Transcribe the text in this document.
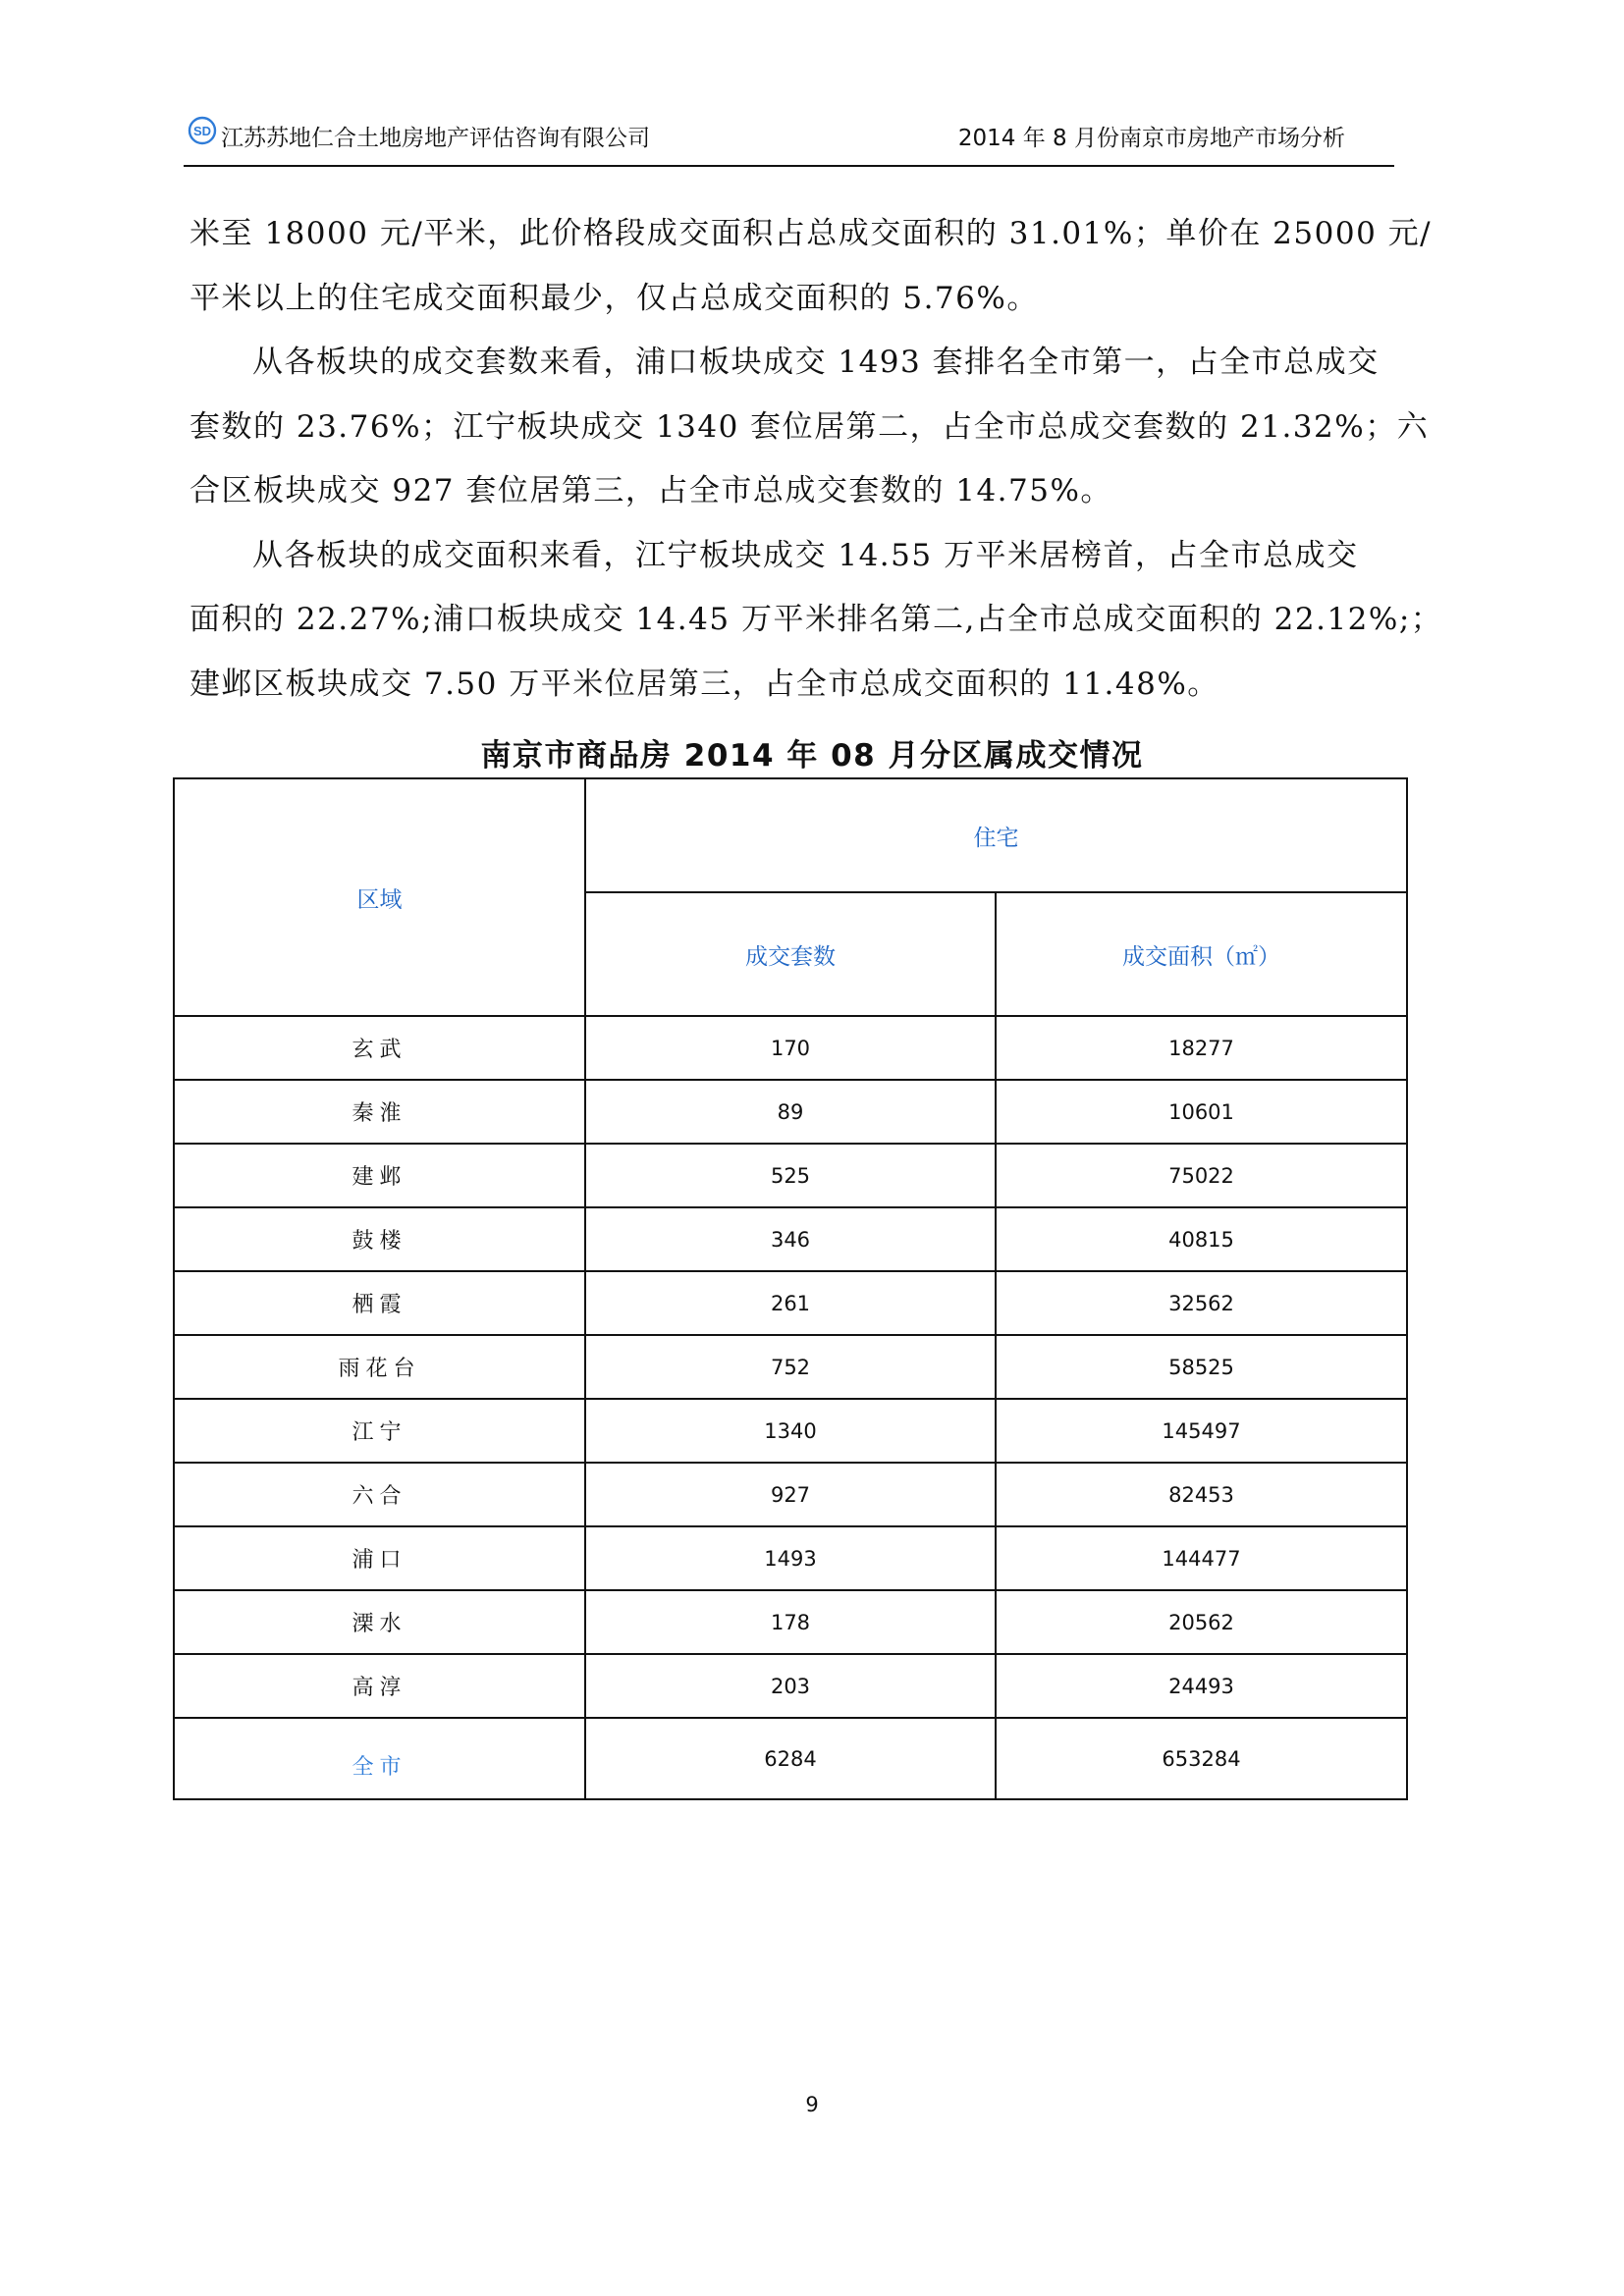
SD 江苏苏地仁合土地房地产评估咨询有限公司	2014 年 8 月份南京市房地产市场分析

米至 18000 元/平米，此价格段成交面积占总成交面积的 31.01%；单价在 25000 元/

平米以上的住宅成交面积最少，仅占总成交面积的 5.76%。

从各板块的成交套数来看，浦口板块成交 1493 套排名全市第一，占全市总成交

套数的 23.76%；江宁板块成交 1340 套位居第二，占全市总成交套数的 21.32%；六

合区板块成交 927 套位居第三，占全市总成交套数的 14.75%。

从各板块的成交面积来看，江宁板块成交 14.55 万平米居榜首，占全市总成交

面积的 22.27%;浦口板块成交 14.45 万平米排名第二,占全市总成交面积的 22.12%;；

建邺区板块成交 7.50 万平米位居第三，占全市总成交面积的 11.48%。

南京市商品房 2014 年 08 月分区属成交情况
区域	住宅	
	成交套数	成交面积（㎡）
玄武	170	18277
秦淮	89	10601
建邺	525	75022
鼓楼	346	40815
栖霞	261	32562
雨花台	752	58525
江宁	1340	145497
六合	927	82453
浦口	1493	144477
溧水	178	20562
高淳	203	24493
全市	6284	653284
9
